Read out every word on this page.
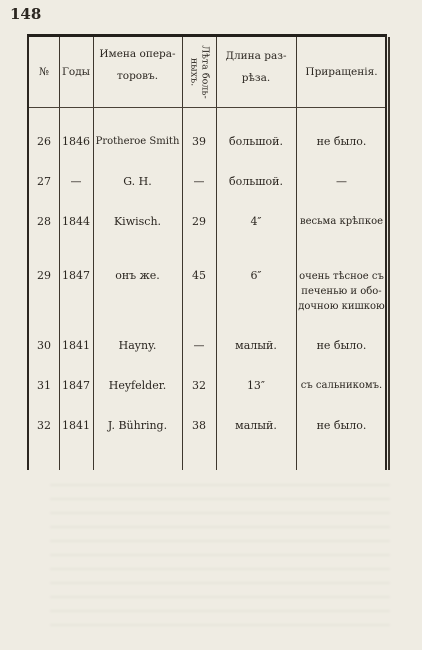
148
№	Годы
Имена опера-
торовъ.	Лѣта боль-
ныхъ.
Длина раз-
рѣза.
Приращенія.
26	1846 Protheroe Smith	39	большой.	не было.
27	—	G. H.	—	большой.	—
28	1844	Kiwisch.	29	4″	весьма крѣпкое
29	1847	онъ же.	45	6″	очень тѣсное съ
печенью и обо-
дочною кишкою
30	1841	Hayny.	—	малый.	не было.
31	1847	Heyfelder.	32	13″	съ сальникомъ.
32	1841	J. Bühring.	38	малый.	не было.
